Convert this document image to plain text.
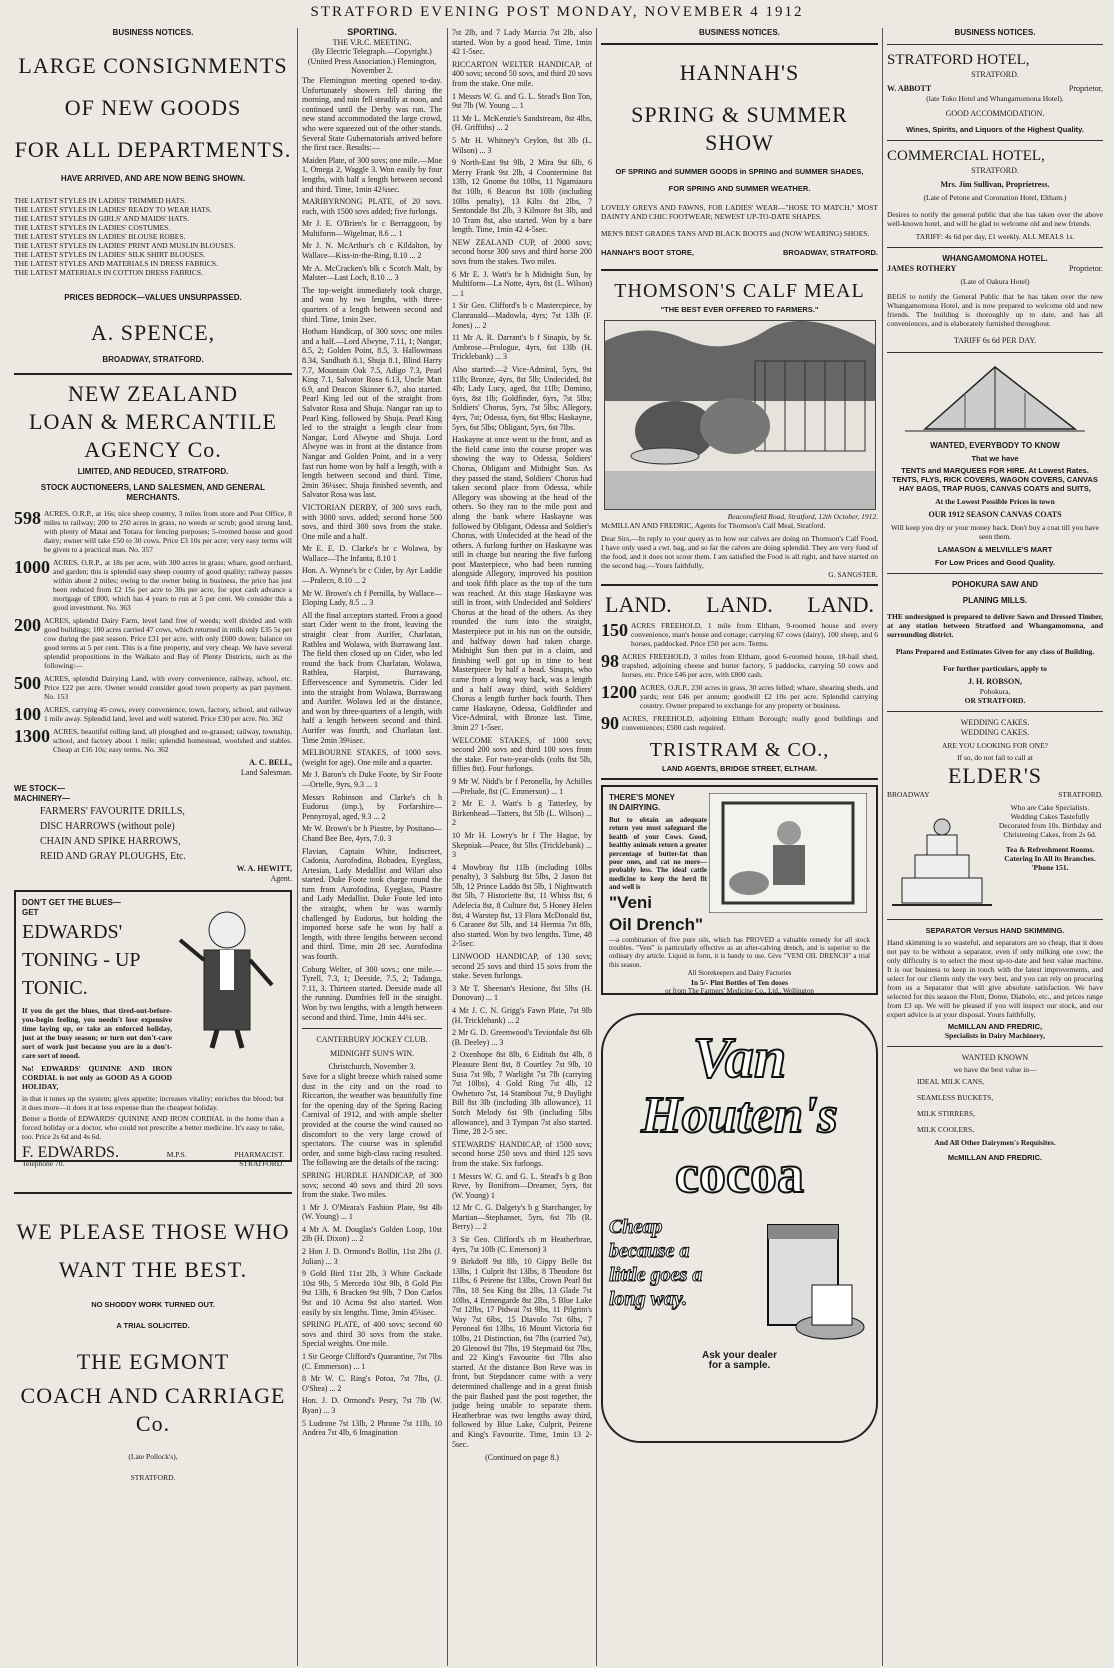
STRATFORD EVENING POST MONDAY, NOVEMBER 4 1912
BUSINESS NOTICES.
LARGE CONSIGNMENTS
OF NEW GOODS
FOR ALL DEPARTMENTS.
HAVE ARRIVED, AND ARE NOW BEING SHOWN.
THE LATEST STYLES IN LADIES' TRIMMED HATS.
THE LATEST STYLES IN LADIES' READY TO WEAR HATS.
THE LATEST STYLES IN GIRLS' AND MAIDS' HATS.
THE LATEST STYLES IN LADIES' COSTUMES.
THE LATEST STYLES IN LADIES' BLOUSE ROBES.
THE LATEST STYLES IN LADIES' PRINT AND MUSLIN BLOUSES.
THE LATEST STYLES IN LADIES' SILK SHIRT BLOUSES.
THE LATEST STYLES AND MATERIALS IN DRESS FABRICS.
THE LATEST MATERIALS IN COTTON DRESS FABRICS.
PRICES BEDROCK—VALUES UNSURPASSED.
A. SPENCE,
BROADWAY, STRATFORD.
NEW ZEALAND
LOAN & MERCANTILE
AGENCY Co.
LIMITED, AND REDUCED, STRATFORD.
STOCK AUCTIONEERS, LAND SALESMEN, AND GENERAL MERCHANTS.
598 ACRES, O.R.P., at 16s; nice sheep country, 3 miles from store and Post Office, 8 miles to railway; 200 to 250 acres in grass, no weeds or scrub; good strong land, with plenty of Matai and Totara for fencing purposes; 5-roomed house and good dairy; owner will take £50 to 30 cows. Price £3 10s per acre; very easy terms will be given to a practical man. No. 357
1000 ACRES, O.R.P., at 18s per acre, with 300 acres in grass; whare, good orchard, and garden; this is splendid easy sheep country of good quality; railway passes within about 2 miles; owing to the owner being in business, the price has just been reduced from £2 15s per acre to 30s per acre, for spot cash advance a mortgage of £800, which has 4 years to run at 5 per cent. We consider this a good investment. No. 363
200 ACRES, splendid Dairy Farm, level land free of weeds; well divided and with good buildings; 100 acres carried 47 cows, which returned in milk only £35 5s per cow during the past season. Price £31 per acre, with only £600 down; balance on good terms at 5 per cent. This is a fine property, and very cheap. We have several splendid propositions in the Waikato and Bay of Plenty Districts, such as the following:—
500 ACRES, splendid Dairying Land, with every convenience, railway, school, etc. Price £22 per acre. Owner would consider good town property as part payment. No. 153
100 ACRES, carrying 45 cows, every convenience, town, factory, school, and railway 1 mile away. Splendid land, level and well watered. Price £30 per acre. No. 362
1300 ACRES, beautiful rolling land, all ploughed and re-grassed; railway, township, school, and factory about 1 mile; splendid homestead, woolshed and stables. Cheap at £16 10s; easy terms. No. 362
A. C. BELL,
Land Salesman.
WE STOCK—
MACHINERY—
FARMERS' FAVOURITE DRILLS,
DISC HARROWS (without pole)
CHAIN AND SPIKE HARROWS,
REID AND GRAY PLOUGHS, Etc.
W. A. HEWITT,
Agent.
DON'T GET THE BLUES—
GET
EDWARDS'
TONING - UP
TONIC.
If you do get the blues, that tired-out-before-you-begin feeling, you needn't lose expensive time laying up, or take an enforced holiday, just at the busy season; or turn out don't-care sort of work just because you are in a don't-care sort of mood.
No! EDWARDS' QUININE AND IRON CORDIAL is not only as GOOD AS A GOOD HOLIDAY,
in that it tones up the system; gives appetite; increases vitality; enriches the blood; but it does more—it does it at less expense than the cheapest holiday.
Better a Bottle of EDWARDS' QUININE AND IRON CORDIAL in the home than a forced holiday or a doctor, who could not prescribe a better medicine. It's easy to take, too. Price 2s 6d and 4s 6d.
F. EDWARDS.	M.P.S.	PHARMACIST.
Telephone 70.	STRATFORD.
WE PLEASE THOSE WHO
WANT THE BEST.
NO SHODDY WORK TURNED OUT.
A TRIAL SOLICITED.
THE EGMONT
COACH AND CARRIAGE Co.
(Late Pollock's),
STRATFORD.
SPORTING.
THE V.R.C. MEETING.
(By Electric Telegraph.—Copyright.) (United Press Association.) Flemington, November 2.

The Flemington meeting opened to-day. Unfortunately showers fell during the morning, and rain fell steadily at noon, and continued until the Derby was run. The new stand accommodated the large crowd, who were squeezed out of the other stands. Several State Gubernatorials arrived before the first race. Results:—

Maiden Plate, of 300 sovs; one mile.—Moe 1, Omega 2, Waggle 3. Won easily by four lengths, with half a length between second and third. Time, 1min 42¾sec.

MARIBYRNONG PLATE, of 20 sovs. each, with 1500 sovs added; five furlongs.

Mr J. E. O'Brien's br c Berraggoon, by Multiform—Wigelmar, 8.6 ... 1

Mr J. N. McArthur's ch c Kildalton, by Wallace—Kiss-in-the-Ring, 8.10 ... 2

Mr A. McCracken's blk c Scotch Malt, by Malster—Last Loch, 8.10 ... 3

The top-weight immediately took charge, and won by two lengths, with three-quarters of a length between second and third. Time, 1min 2sec.

Hotham Handicap, of 300 sovs; one miles and a half.—Lord Alwyne, 7.11, 1; Nangar, 8.5, 2; Golden Point, 8.5, 3. Hallowmass 8.34, Sandbath 8.1, Shuja 8.1, Blind Harry 7.7, Mountain Oak 7.5, Adigo 7.3, Pearl King 7.1, Salvator Rosa 6.13, Uncle Matt 6.9, and Deacon Skinner 6.7, also started. Pearl King led out of the straight from Salvator Rosa and Shuja. Nangar ran up to Pearl King, followed by Shuja. Pearl King led to the straight a length clear from Nangar, Lord Alwyne and Shuja. Lord Alwyne was in front at the distance from Nangar and Golden Point, and in a very fast run home won by half a length, with a length between second and third. Time, 2min 36¼sec. Shuja finished seventh, and Salvator Rosa was last.

VICTORIAN DERBY, of 300 sovs each, with 3000 sovs. added; second horse 500 sovs, and third 300 sovs from the stake. One mile and a half.

Mr E. E. D. Clarke's br c Wolawa, by Wallace—The Infanta, 8.10 1

Hon. A. Wynne's br c Cider, by Ayr Laddie—Pralecn, 8.10 ... 2

Mr W. Brown's ch f Pernilla, by Wallace—Eloping Lady, 8.5 ... 3

All the final acceptors started. From a good start Cider went to the front, leaving the straight clear from Aurifer, Charlatan, Rathlea and Wolawa, with Burrawang last. The field then closed up on Cider, who led round the back from Charlatan, Wolawa, Rathlea, Harpist, Burrawang, Effervescence and Symmetris. Cider led into the straight from Wolawa, Burrawang and Aurifer. Wolawa led at the distance, and won by three-quarters of a length, with half a length between second and third. Aurifer was fourth, and Charlatan last. Time 2min 39¼sec.

MELBOURNE STAKES, of 1000 sovs. (weight for age). One mile and a quarter.

Mr J. Baron's ch Duke Foote, by Sir Foote—Ortelle, 9yrs, 9.3 ... 1

Messrs Robinson and Clarke's ch h Eudorus (imp.), by Forfarshire—Pennyroyal, aged, 9.3 ... 2

Mr W. Brown's br h Piastre, by Positano—Chand Bee Bee, 4yrs, 7.0. 3

Flavian, Captain White, Indiscreet, Cadonia, Aurofodina, Bobadea, Eyeglass, Artesian, Lady Medallist and Wilari also started. Duke Foote took charge round the turn from Aurofodina, Eyeglass, Piastre and Lady Medallist. Duke Foote led into the straight, when he was warmly challenged by Eudorus, but holding the imported horse safe he won by half a length, with three lengths between second and third. Time, min 28 sec. Aurofodina was fourth.

Coburg Welter, of 300 sovs.; one mile.—Tyrell, 7.3, 1; Deeside, 7.5, 2; Tadanga, 7.11, 3. Thirteen started. Deeside made all the running. Dumfries fell in the straight. Won by two lengths, with a length between second and third. Time, 1min 44¼ sec.

CANTERBURY JOCKEY CLUB.
MIDNIGHT SUN'S WIN.
Christchurch, November 3.

Save for a slight breeze which raised some dust in the city and on the road to Riccarton, the weather was beautifully fine for the opening day of the Spring Racing Carnival of 1912, and with ample shelter provided at the course the wind caused no discomfort to the very large crowd of spectators. The course was in splendid order, and some high-class racing resulted. The following are the details of the racing:

SPRING HURDLE HANDICAP, of 300 sovs; second 40 sovs and third 20 sovs from the stake. Two miles.

1 Mr J. O'Meara's Fashion Plate, 9st 4lb (W. Young) ... 1

4 Mr A. M. Douglas's Golden Loop, 10st 2lb (H. Dixon) ... 2

2 Hon J. D. Ormond's Bollin, 11st 2lbs (J. Julian) ... 3

9 Gold Bird 11st 2lb, 3 White Cockade 10st 9lb, 5 Mercedo 10st 9lb, 8 Gold Pin 9st 13lb, 6 Bracken 9st 9lb, 7 Don Carlos 9st and 10 Acma 9st also started. Won easily by six lengths. Time, 3min 45¼sec.

SPRING PLATE, of 400 sovs; second 60 sovs and third 30 sovs from the stake. Special weights. One mile.

1 Sir George Clifford's Quarantine, 7st 7lbs (C. Emmerson) ... 1

8 Mr W. C. Ring's Potoa, 7st 7lbs, (J. O'Shea) ... 2

Hon. J. D. Ormond's Pesry, 7st 7lb (W. Ryan) ... 3

5 Ludrone 7st 13lb, 2 Phrone 7st 11lb, 10 Andrea 7st 4lb, 6 Imagination

7st 2lb, and 7 Lady Marcia 7st 2lb, also started. Won by a good head. Time, 1min 42 1-5sec.

RICCARTON WELTER HANDICAP, of 400 sovs; second 50 sovs, and third 20 sovs from the stake. One mile.

1 Messrs W. G. and G. L. Stead's Bon Ton, 9st 7lb (W. Young ... 1

11 Mr L. McKenzie's Sandstream, 8st 4lbs, (H. Griffiths) ... 2

5 Mr H. Whitney's Ceylon, 8st 3lb (L. Wilson) ... 3

9 North-East 9st 9lb, 2 Mira 9st 6lb, 6 Merry Frank 9st 2lb, 4 Countermine 8st 13lb, 12 Gnome 8st 10lbs, 11 Ngamiaura 8st 10lb, 6 Beacon 8st 10lb (including 10lbs penalty), 13 Kilts 8st 2lbs, 7 Sentondale 8st 2lb, 3 Kilmore 8st 3lb, and 10 Tram 8st, also started. Won by a bare length. Time, 1min 42 4-5sec.

NEW ZEALAND CUP, of 2000 sovs; second horse 300 sovs and third horse 200 sovs from the stakes. Two miles.

6 Mr E. J. Watt's br h Midnight Sun, by Multiform—La Notte, 4yrs, 8st (L. Wilson) ... 1

1 Sir Geo. Clifford's b c Mastercpiece, by Clanranald—Madowla, 4yrs; 7st 13lb (F. Jones) ... 2

11 Mr A. R. Darrant's b f Sinapis, by St. Ambrose—Prologue, 4yrs, 6st 13lb (H. Tricklebank) ... 3

Also started:—2 Vice-Admiral, 5yrs, 9st 11lb; Bronze, 4yrs, 8st 5lb; Undecided, 8st 4lb; Lady Lucy, aged, 8st 11lb; Domino, 6yrs, 8st 1lb; Goldfinder, 6yrs, 7st 5lbs; Soldiers' Chorus, 5yrs, 7st 5lbs; Allegory, 4yrs, 7st; Odessa, 6yrs, 6st 9lbs; Haskayne, 5yrs, 6st 5lbs; Obligant, 5yrs, 6st 7lbs.

Haskayne at once went to the front, and as the field came into the course proper was showing the way to Odessa, Soldiers' Chorus, Obligant and Midnight Sun. As they passed the stand, Soldiers' Chorus had taken second place from Odessa, while Allegory was showing at the head of the others. So they ran to the mile post and along the bank where Haskayne was followed by Obligant, Odessa and Soldier's Chorus, with Undecided at the head of the others. A furlong further on Haskayne was still in charge but nearing the five furlong post Masterpiece, who had been running alongside Allegory, improved his position and took fifth place as the top of the turn was reached. At this stage Haskayne was still in front, with Undecided and Soldiers' Chorus at the head of the others. As they rounded the turn into the straight, Masterpiece put in his run on the outside, and halfway down had taken charge. Midnight Sun then put in a claim, and finishing well got up in time to beat Masterpiece by half a head. Sinapis, who came from a long way back, was a length and a half away third, with Soldiers' Chorus a length further back fourth. Then came Haskayne, Odessa, Goldfinder and Vice-Admiral, with Bronze last. Time, 3min 27 1-5sec.

WELCOME STAKES, of 1000 sovs; second 200 sovs and third 100 sovs from the stake. For two-year-olds (colts 8st 5lb, fillies 8st). Four furlongs.

9 Mr W. Nidd's br f Peronella, by Achilles—Prelude, 8st (C. Emmerson) ... 1

2 Mr E. J. Watt's b g Tatterley, by Birkenhead—Tatters, 8st 5lb (L. Wilson) ... 2

10 Mr H. Lowry's br f The Hague, by Skepniak—Peace, 8st 5lbs (Tricklebank) ... 3

4 Mowbray 8st 11lb (including 10lbs penalty), 3 Salsburg 8st 5lbs, 2 Jason 8st 5lb, 12 Prince Laddo 8st 5lb, 1 Nightwatch 8st 5lb, 7 Historiette 8st, 11 Whiss 8st, 6 Adelecia 8st, 8 Culture 8st, 5 Honey Helen 8st, 4 Warstep 8st, 13 Flora McDonald 8st, 6 Caranee 8st 5lb, and 14 Hermia 7st 8lb, also started. Won by two lengths. Time, 48 2-5sec.

LINWOOD HANDICAP, of 130 sovs; second 25 sovs and third 15 sovs from the stake. Seven furlongs.

3 Mr T. Sheenan's Hesione, 8st 5lbs (H. Donovan) ... 1

4 Mr J. C. N. Grigg's Fawn Plate, 7st 9lb (H. Tricklebank) ... 2

2 Mr G. D. Greenwood's Teviotdale 8st 6lb (B. Deeley) ... 3

2 Oxenhope 8st 8lb, 6 Eiditah 8st 4lb, 8 Pleasure Bent 8st, 8 Courtley 7st 9lb, 10 Susa 7st 9lb, 7 Warlight 7st 7lb (carrying 7st 10lbs), 4 Gold Ring 7st 4lb, 12 Owhetoro 7st, 14 Stambout 7st, 9 Daylight Bill 8st 3lb (including 3lb allowance), 11 Sotch Melody 6st 9lb (including 5lbs allowance), and 3 Tympan 7st also started. Time, 28 2-5 sec.

STEWARDS' HANDICAP, of 1500 sovs; second horse 250 sovs and third 125 sovs from the stake. Six furlongs.

1 Messrs W. G. and G. L. Stead's b g Bon Reve, by Bonifrom—Dreamer, 5yrs, 8st (W. Young) 1

12 Mr C. G. Dalgety's b g Starchanger, by Martian—Stephanser, 5yrs, 6st 7lb (R. Berry) ... 2

3 Sir Geo. Clifford's ch m Heatherbrae, 4yrs, 7st 10lb (C. Emerson) 3

9 Birkdoff 9st 8lb, 10 Gippy Belle 8st 13lbs, 1 Culprit 8st 13lbs, 8 Theodore 8st 11lbs, 6 Peirene 8st 13lbs, Crown Pearl 8st 7lbs, 18 Sea King 8st 2lbs, 13 Glade 7st 10lbs, 4 Ermengarde 8st 2lbs, 5 Blue Lake 7st 12lbs, 17 Pidwai 7st 9lbs, 11 Pilgrim's Way 7st 6lbs, 15 Diavolo 7st 6lbs, 7 Peroneal 6st 13lbs, 16 Mount Victoria 6st 10lbs, 21 Distinction, 6st 7lbs (carried 7st), 20 Glenowl 8st 7lbs, 19 Stepmaid 6st 7lbs, and 22 King's Favourite 6st 7lbs also started. At the distance Bon Reve was in front, but Stepdancer came with a very determined challenge and in a great finish the pair flashed past the post together, the judge being unable to separate them. Heatherbrae was two lengths away third, followed by Blue Lake, Culprit, Peirene and King's Favourite. Time, 1min 13 2-5sec.

(Continued on page 8.)
BUSINESS NOTICES.
HANNAH'S
SPRING & SUMMER SHOW
OF SPRING and SUMMER GOODS in SPRING and SUMMER SHADES,
FOR SPRING AND SUMMER WEATHER.
LOVELY GREYS AND FAWNS, FOR LADIES' WEAR—"HOSE TO MATCH." MOST DAINTY AND CHIC FOOTWEAR; NEWEST UP-TO-DATE SHAPES.
MEN'S BEST GRADES TANS AND BLACK BOOTS and (NOW WEARING) SHOES.
HANNAH'S BOOT STORE,	BROADWAY, STRATFORD.
THOMSON'S CALF MEAL
"THE BEST EVER OFFERED TO FARMERS."
Beaconsfield Road, Stratford, 12th October, 1912.
McMILLAN AND FREDRIC, Agents for Thomson's Calf Meal, Stratford.
Dear Sirs,—In reply to your query as to how our calves are doing on Thomson's Calf Food, I have only used a cwt. bag, and so far the calves are doing splendid. They are very fond of the food, and it does not scour them. I am satisfied the Food is all right, and have started on the second bag.—Yours faithfully,
G. SANGSTER.
LAND. LAND. LAND.
150 ACRES FREEHOLD, 1 mile from Eltham, 9-roomed house and every convenience, man's house and cottage; carrying 67 cows (dairy), 100 sheep, and 6 horses, paddocked. Price £50 per acre. Terms.
98 ACRES FREEHOLD, 3 miles from Eltham, good 6-roomed house, 18-bail shed, trapshed, adjoining cheese and butter factory, 5 paddocks, carrying 50 cows and horses, etc. Price £46 per acre, with £800 cash.
1200 ACRES, O.R.P., 230 acres in grass, 30 acres felled; whare, shearing sheds, and yards; rent £46 per annum; goodwill £2 10s per acre. Splendid carrying country. Owner prepared to exchange for any property or business.
90 ACRES, FREEHOLD, adjoining Eltham Borough; really good buildings and conveniences; £500 cash required.
TRISTRAM & CO.,
LAND AGENTS, BRIDGE STREET, ELTHAM.
THERE'S MONEY
IN DAIRYING.
But to obtain an adequate return you must safeguard the health of your Cows. Good, healthy animals return a greater percentage of butter-fat than poor ones, and cat no more—probably less. The ideal cattle medicine to keep the herd fit and well is
"Veni
Oil Drench"
—a combination of five pure oils, which has PROVED a valuable remedy for all stock troubles. "Veni" is particularly effective as an after-calving drench, and is superior to the ordinary dry article. Liquid in form, it is handy to use. Give "VENI OIL DRENCH" a trial this season.
All Storekeepers and Dairy Factories
In 5/- Pint Bottles of Ten doses
or from The Farmers' Medicine Co., Ltd., Wellington
Van
Houten's
cocoa
Cheap because a little goes a long way.
Ask your dealer
for a sample.
BUSINESS NOTICES.
STRATFORD HOTEL,
STRATFORD.
W. ABBOTT	Proprietor,
(late Toko Hotel and Whangamomona Hotel).
GOOD ACCOMMODATION.
Wines, Spirits, and Liquors of the Highest Quality.
COMMERCIAL HOTEL,
STRATFORD.
Mrs. Jim Sullivan, Proprietress.
(Late of Petone and Coronation Hotel, Eltham.)
Desires to notify the general public that she has taken over the above well-known hotel, and will be glad to welcome old and new friends.
TARIFF: 4s 6d per day, £1 weekly. ALL MEALS 1s.
WHANGAMOMONA HOTEL.
JAMES ROTHERY	Proprietor.
(Late of Oakura Hotel)
BEGS to notify the General Public that he has taken over the new Whangamomona Hotel, and is now prepared to welcome old and new friends. The building is thoroughly up to date, and has all conveniences, and is elaborately furnished throughout.
TARIFF 6s 6d PER DAY.
WANTED, EVERYBODY TO KNOW
That we have
TENTS and MARQUEES FOR HIRE. At Lowest Rates. TENTS, FLYS, RICK COVERS, WAGON COVERS, CANVAS HAY BAGS, TRAP RUGS, CANVAS COATS and SUITS,
At the Lowest Possible Prices in town
OUR 1912 SEASON CANVAS COATS
Will keep you dry or your money back. Don't buy a coat till you have seen them.
LAMASON & MELVILLE'S MART
For Low Prices and Good Quality.
POHOKURA SAW AND
PLANING MILLS.
THE undersigned is prepared to deliver Sawn and Dressed Timber, at any station between Stratford and Whangamomona, and surrounding district.
Plans Prepared and Estimates Given for any class of Building.
For further particulars, apply to
J. H. ROBSON,
Pohokura,
OR STRATFORD.
WEDDING CAKES.
WEDDING CAKES.
ARE YOU LOOKING FOR ONE?
If so, do not fail to call at
ELDER'S
BROADWAY	STRATFORD.
Who are Cake Specialists. Wedding Cakes Tastefully Decorated from 10s. Birthday and Christening Cakes, from 2s 6d.
Tea & Refreshment Rooms. Catering In All its Branches. 'Phone 151.
SEPARATOR Versus HAND SKIMMING.
Hand skimming is so wasteful, and separators are so cheap, that it does not pay to be without a separator, even if only milking one cow; the only difficulty is to select the most up-to-date and best value machine. It is our business to keep in touch with the latest improvements, and select for our clients only the very best, and you can rely on procuring from us a Separator that will give absolute satisfaction. We have selected for this season the Flott, Dome, Diabolo, etc., and prices range from £3 up. We will be pleased if you will inspect our stock, and our expert advice is at your disposal. Yours faithfully,
McMILLAN AND FREDRIC,
Specialists in Dairy Machinery,
WANTED KNOWN
we have the best value in—
IDEAL MILK CANS,
SEAMLESS BUCKETS,
MILK STIRRERS,
MILK COOLERS,
And All Other Dairymen's Requisites.
McMILLAN AND FREDRIC.
